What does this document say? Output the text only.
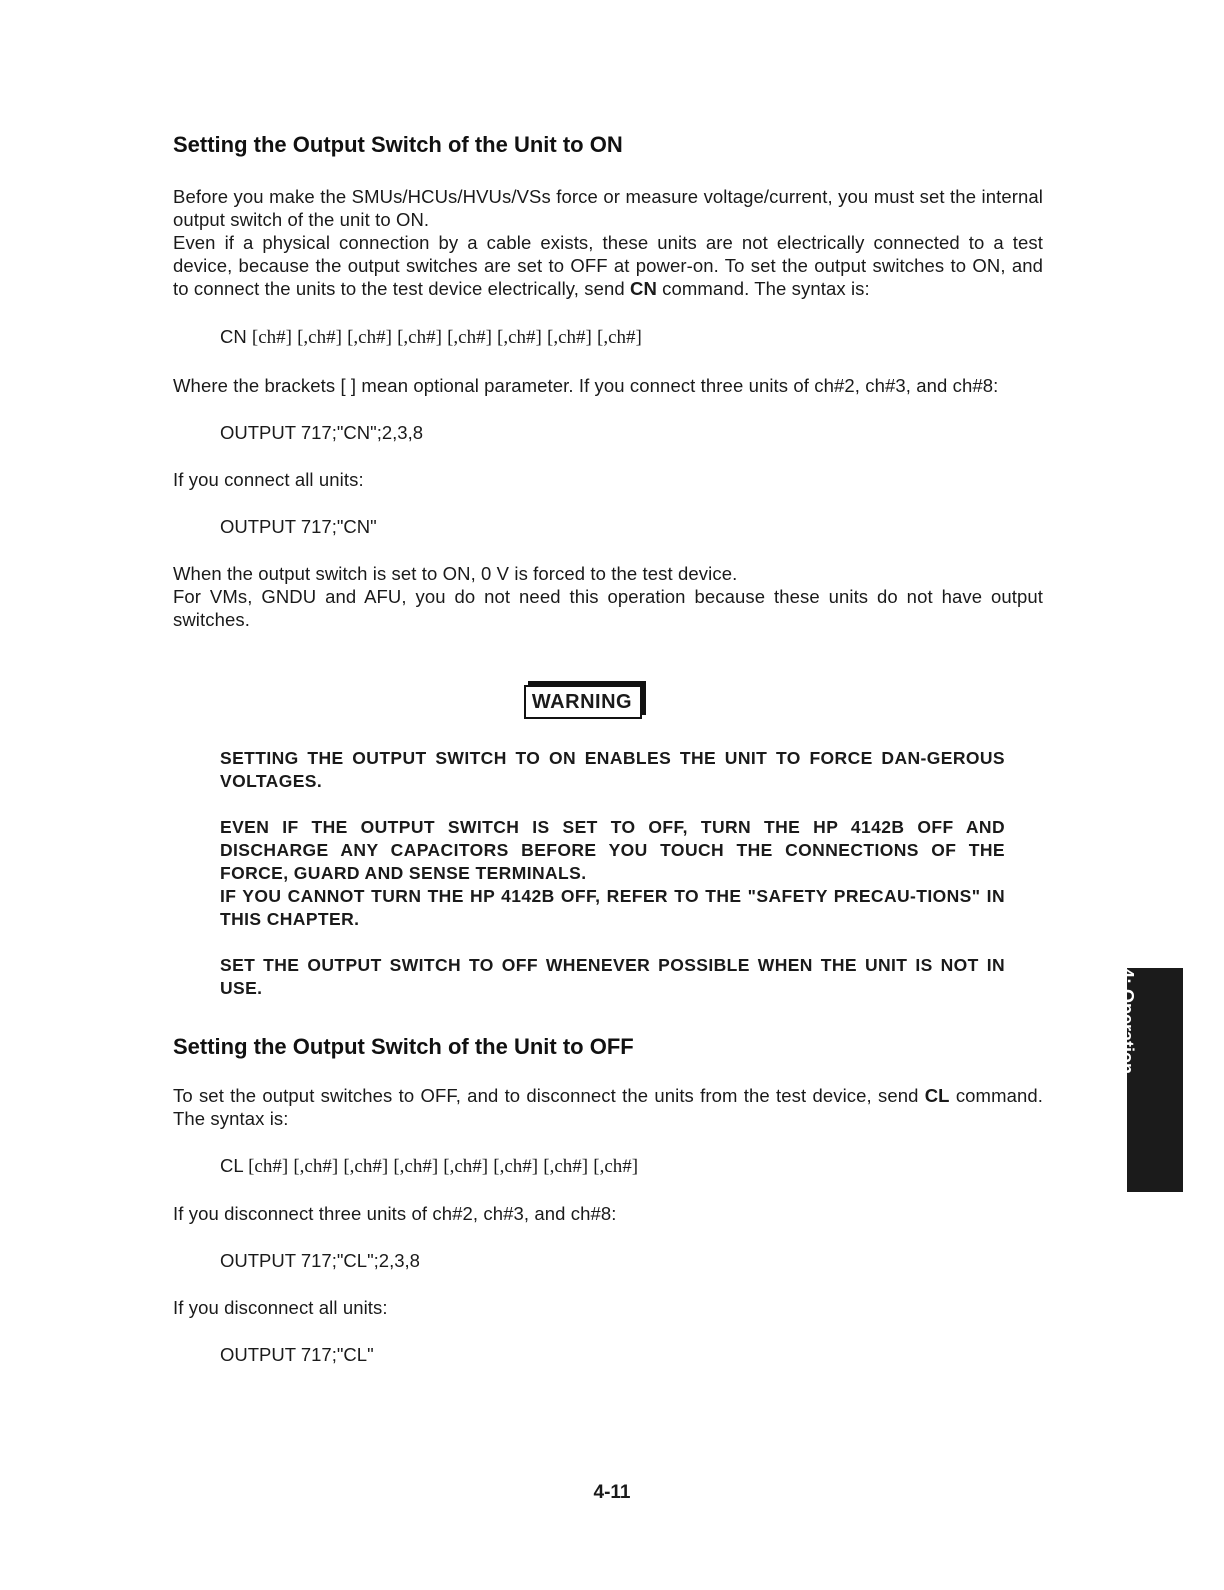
Setting the Output Switch of the Unit to ON

Before you make the SMUs/HCUs/HVUs/VSs force or measure voltage/current, you must set the internal output switch of the unit to ON.

Even if a physical connection by a cable exists, these units are not electrically connected to a test device, because the output switches are set to OFF at power-on. To set the output switches to ON, and to connect the units to the test device electrically, send CN command. The syntax is:

CN [ch#] [,ch#] [,ch#] [,ch#] [,ch#] [,ch#] [,ch#] [,ch#]

Where the brackets [ ] mean optional parameter. If you connect three units of ch#2, ch#3, and ch#8:

OUTPUT 717;"CN";2,3,8

If you connect all units:

OUTPUT 717;"CN"

When the output switch is set to ON, 0 V is forced to the test device.

For VMs, GNDU and AFU, you do not need this operation because these units do not have output switches.

WARNING
SETTING THE OUTPUT SWITCH TO ON ENABLES THE UNIT TO FORCE DAN-GEROUS VOLTAGES.
EVEN IF THE OUTPUT SWITCH IS SET TO OFF, TURN THE HP 4142B OFF AND DISCHARGE ANY CAPACITORS BEFORE YOU TOUCH THE CONNECTIONS OF THE FORCE, GUARD AND SENSE TERMINALS.
IF YOU CANNOT TURN THE HP 4142B OFF, REFER TO THE "SAFETY PRECAU-TIONS" IN THIS CHAPTER.
SET THE OUTPUT SWITCH TO OFF WHENEVER POSSIBLE WHEN THE UNIT IS NOT IN USE.
Setting the Output Switch of the Unit to OFF

To set the output switches to OFF, and to disconnect the units from the test device, send CL command. The syntax is:

CL [ch#] [,ch#] [,ch#] [,ch#] [,ch#] [,ch#] [,ch#] [,ch#]

If you disconnect three units of ch#2, ch#3, and ch#8:

OUTPUT 717;"CL";2,3,8

If you disconnect all units:

OUTPUT 717;"CL"
4: Operation
Guide
4-11
